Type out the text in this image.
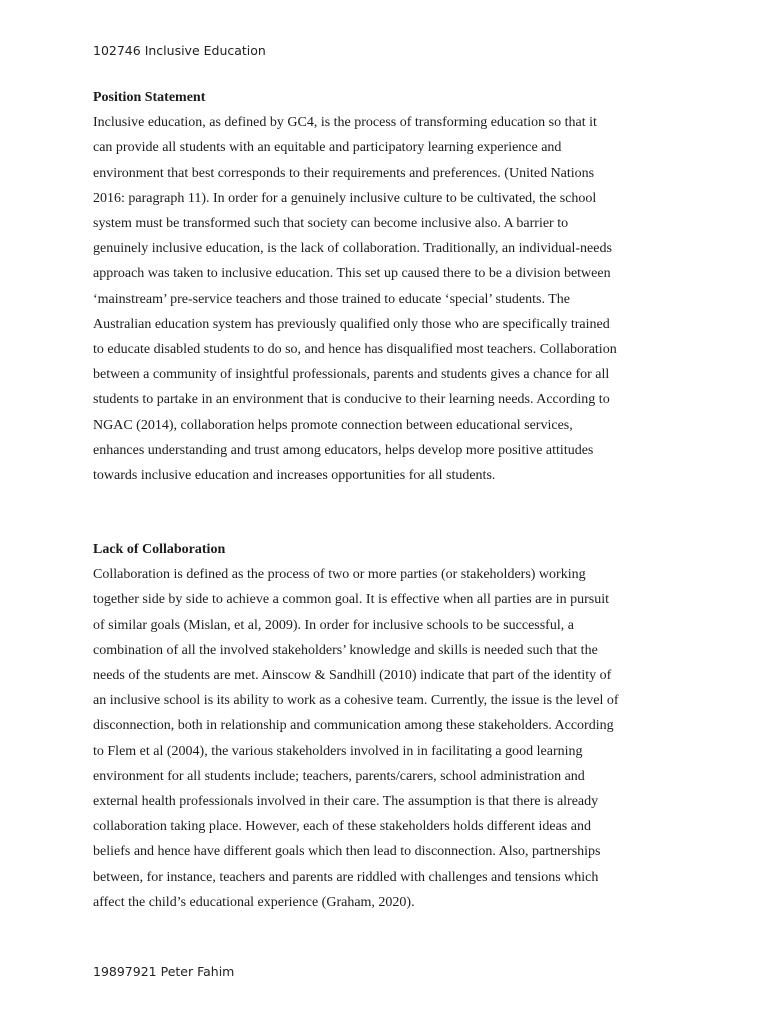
102746 Inclusive Education
Position Statement
Inclusive education, as defined by GC4, is the process of transforming education so that it
can provide all students with an equitable and participatory learning experience and
environment that best corresponds to their requirements and preferences. (United Nations
2016: paragraph 11). In order for a genuinely inclusive culture to be cultivated, the school
system must be transformed such that society can become inclusive also. A barrier to
genuinely inclusive education, is the lack of collaboration. Traditionally, an individual-needs
approach was taken to inclusive education. This set up caused there to be a division between
‘mainstream’ pre-service teachers and those trained to educate ‘special’ students. The
Australian education system has previously qualified only those who are specifically trained
to educate disabled students to do so, and hence has disqualified most teachers. Collaboration
between a community of insightful professionals, parents and students gives a chance for all
students to partake in an environment that is conducive to their learning needs. According to
NGAC (2014), collaboration helps promote connection between educational services,
enhances understanding and trust among educators, helps develop more positive attitudes
towards inclusive education and increases opportunities for all students.
Lack of Collaboration
Collaboration is defined as the process of two or more parties (or stakeholders) working
together side by side to achieve a common goal. It is effective when all parties are in pursuit
of similar goals (Mislan, et al, 2009). In order for inclusive schools to be successful, a
combination of all the involved stakeholders’ knowledge and skills is needed such that the
needs of the students are met. Ainscow & Sandhill (2010) indicate that part of the identity of
an inclusive school is its ability to work as a cohesive team. Currently, the issue is the level of
disconnection, both in relationship and communication among these stakeholders. According
to Flem et al (2004), the various stakeholders involved in in facilitating a good learning
environment for all students include; teachers, parents/carers, school administration and
external health professionals involved in their care. The assumption is that there is already
collaboration taking place. However, each of these stakeholders holds different ideas and
beliefs and hence have different goals which then lead to disconnection. Also, partnerships
between, for instance, teachers and parents are riddled with challenges and tensions which
affect the child’s educational experience (Graham, 2020).
19897921 Peter Fahim
